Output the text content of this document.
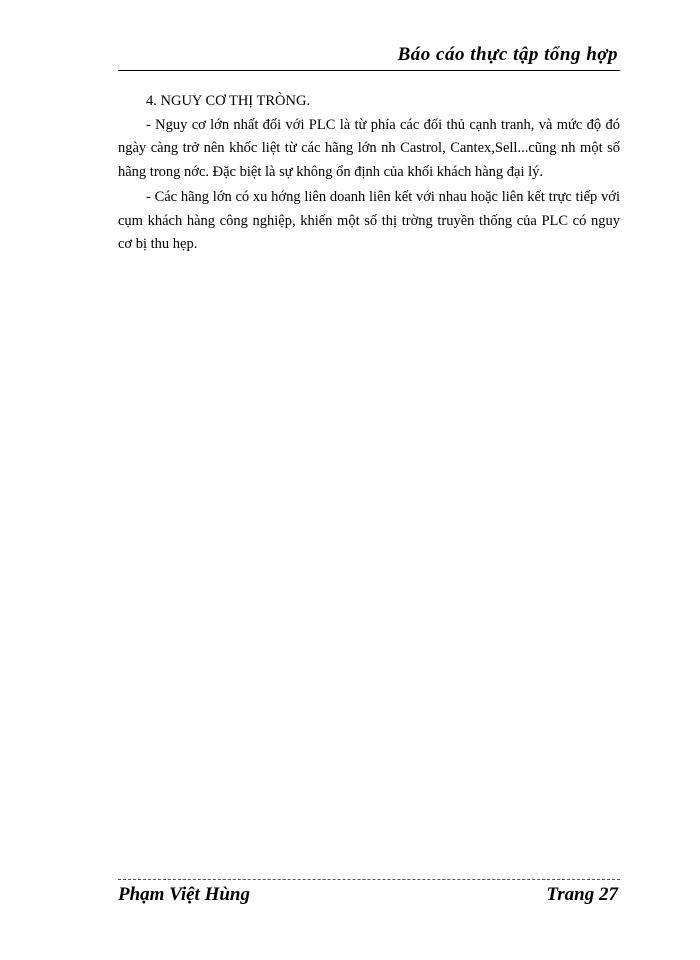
Báo cáo thực tập tổng hợp

4. NGUY CƠ THỊ TRÒNG.

- Nguy cơ lớn nhất đối với PLC là từ phía các đối thủ cạnh tranh, và mức độ đó ngày càng trở nên khốc liệt từ các hãng lớn nh Castrol, Cantex,Sell...cũng nh một số hãng trong nớc. Đặc biệt là sự không ổn định của khối khách hàng đại lý.

- Các hãng lớn có xu hớng liên doanh liên kết với nhau hoặc liên kết trực tiếp với cụm khách hàng công nghiệp, khiến một số thị trờng truyền thống của PLC có nguy cơ bị thu hẹp.

Phạm Việt Hùng	Trang 27
